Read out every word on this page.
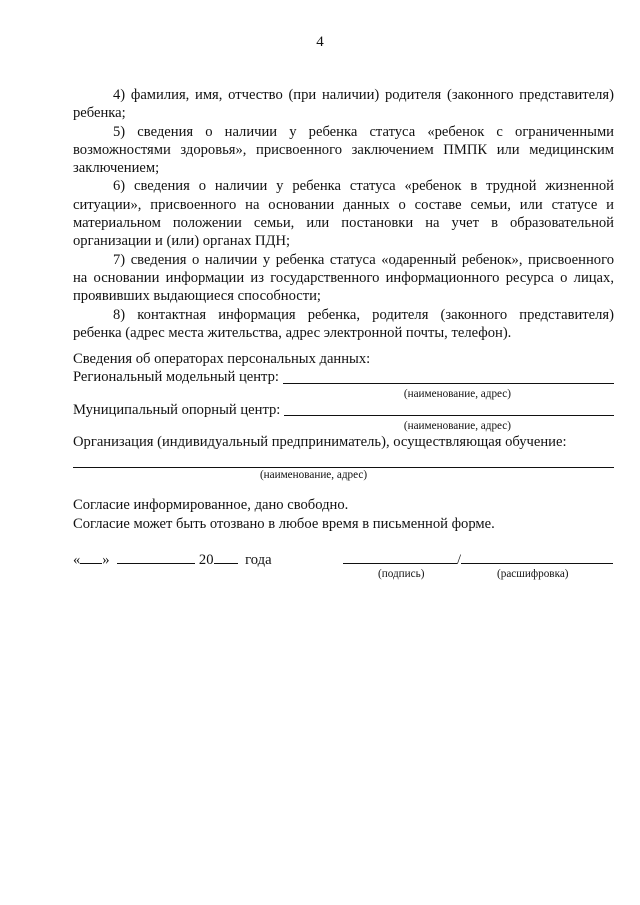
4

4) фамилия, имя, отчество (при наличии) родителя (законного представителя) ребенка;

5) сведения о наличии у ребенка статуса «ребенок с ограниченными возможностями здоровья», присвоенного заключением ПМПК или медицинским заключением;

6) сведения о наличии у ребенка статуса «ребенок в трудной жизненной ситуации», присвоенного на основании данных о составе семьи, или статусе и материальном положении семьи, или постановки на учет в образовательной организации и (или) органах ПДН;

7) сведения о наличии у ребенка статуса «одаренный ребенок», присвоенного на основании информации из государственного информационного ресурса о лицах, проявивших выдающиеся способности;

8) контактная информация ребенка, родителя (законного представителя) ребенка (адрес места жительства, адрес электронной почты, телефон).

Сведения об операторах персональных данных:
Региональный модельный центр:
(наименование, адрес)
Муниципальный опорный центр:
(наименование, адрес)
Организация (индивидуальный предприниматель), осуществляющая обучение:
(наименование, адрес)
Согласие информированное, дано свободно.
Согласие может быть отозвано в любое время в письменной форме.
« »	20 года	/
(подпись)	(расшифровка)
